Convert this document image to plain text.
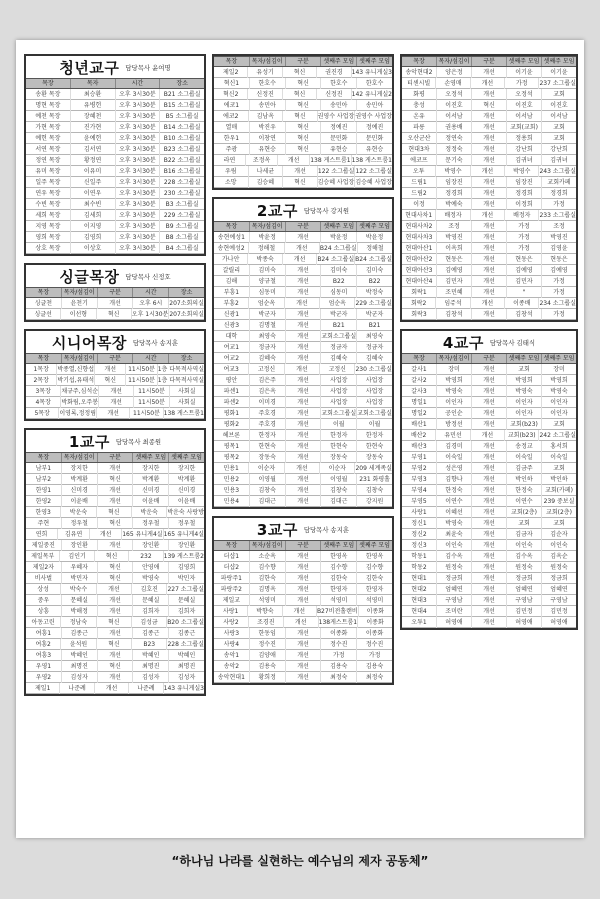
청년교구 담당목사 윤여명
목장	목자	시간	장소
송환 목장	최승환	오후 3시30분	B21 소그룹실
명현 목장	유병헌	오후 3시30분	B15 소그룹실
예천 목장	장혜천	오후 3시30분	B5 소그룹실
가현 목장	진가현	오후 3시30분	B14 소그룹실
예헌 목장	윤예헌	오후 3시30분	B10 소그룹실
서연 목장	김서연	오후 3시30분	B23 소그룹실
정연 목장	황정연	오후 3시30분	B22 소그룹실
유미 목장	이유미	오후 3시30분	B16 소그룹실
일주 목장	신일주	오후 3시30분	228 소그룹실
연우 목장	이연우	오후 3시30분	230 소그룹실
수빈 목장	최수빈	오후 3시30분	B3 소그룹실
세희 목장	김세희	오후 3시30분	229 소그룹실
지영 목장	이지영	오후 3시30분	B9 소그룹실
영희 목장	김영희	오후 3시30분	B8 소그룹실
상호 목장	이상호	오후 3시30분	B4 소그룹실
싱글목장 담당목사 신정호
목장	목자/섬김이	구분	시간	장소
싱글천	윤천기	개선	오후 6시	207소회의실
싱글선	이선형	혁신	오후 1시30분 207소회의실
시니어목장 담당목사 송지훈
목장	목자/섬김이	구분	시간	장소
1목장	박종열,신향섭	개선	11시50분 1층 다목적사역실
2목장	박기섭,유태석	혁신	11시50분 1층 다목적사역실
3목장	채규주,심석순	개선	11시50분	사회실
4목장	박화림,오주봉	개선	11시50분	사회실
5목장	이영록,정정림	개선	11시50분 138 게스트룸1
1교구 담당목사 최종원
목장	목자/섬김이	구분	셋째주 모임 셋째주 모임
남부1	장지한	개선	장지한	장지한
남부2	박계환	혁신	박계환	박계환
한영1	신미경	개선	신미경	신미경
한영2	이윤배	개선	이윤배	이윤배
한영3	박운숙	혁신	박운숙	박운숙 사랑방
주현	정우철	혁신	정우철	정우철
연희	김유연	개선	165 유니게4실 165 유니게4실
제일중진	장인환	개선	장인환	장인환
제일목부	김인기	혁신	232	139 게스트룸2
제일2자	우혜자	혁신	안영애	김영희
비사벌	박민자	혁신	박영숙	박민자
상성	박숙수	개선	김호진	227 소그룹실
중우	문혜실	개선	문혜실	문혜실
상흥	박해정	개선	김희자	김희자
아동고린	정남숙	혁신	김성금	B20 소그룹실
여흥1	김종근	개선	김종근	김종근
여흥2	윤석원	혁신	B23	228 소그룹실
여흥3	박혜인	개선	박혜인	박혜인
우영1	최명진	혁신	최명진	최명진
우영2	김성자	개선	김성자	김성자
제일1	나준례	개선	나준례	143 유니게실3
목장	목자/섬김이	구분	셋째주 모임 셋째주 모임
제일2	유성기	혁신	권진경	143 유니게실3
혁신1	한호수	혁신	한호수	한호수
혁신2	신정진	혁신	신정진	142 유니게실2
에코1	송민아	혁신	송민아	송민아
에코2	김남옥	혁신	권영수 사업장 권영수 사업장
열매	박진우	혁신	정예진	정예진
한우1	이창연	혁신	문민화	문민화
주광	유현승	혁신	유현승	유현승
라연	조정옥	개선	138 게스트룸1 138 게스트룸1
우림	나세균	개선	122 소그룹실 122 소그룹실
소망	김승혜	혁신	김승혜 사업장 김승혜 사업장
2교구 담당목사 강지원
목장	목자/섬김이	구분	셋째주 모임 셋째주 모임
송현예성1	박윤정	개선	박윤정	박윤정
송현예성2	정해철	개선	B24 소그룹실	정해철
가나안	박종숙	개선	B24 소그룹실 B24 소그룹실
갈릴리	김미숙	개선	김미숙	김미숙
김해	양규철	개선	B22	B22
부흥1	심동미	개선	심동미	박정숙
부흥2	엄순옥	개선	엄순옥	229 소그룹실
신광1	박군자	개선	박군자	박군자
신광3	김명철	개선	B21	B21
대학	최영숙	개선	교회소그룹실	최영숙
여교1	정금자	개선	정금자	정금자
여교2	김혜숙	개선	김혜숙	김혜숙
여교3	고정신	개선	고정신	230 소그룹실
평안	김은주	개선	사업장	사업장
파센1	김은옥	개선	사업장	사업장
파센2	이미경	개선	사업장	사업장
평화1	주호경	개선	교회소그룹실 교회소그룹실
평화2	주호경	개선	이월	이월
헤브론	한정자	개선	한정자	한정자
평목1	한현숙	개선	한현숙	한현숙
평목2	장동숙	개선	장동숙	장동숙
민용1	이순자	개선	이순자	209 세계족실
민용2	이영월	개선	이영월	231 화평홀
민용3	김창숙	개선	김창숙	김창숙
민용4	김대근	개선	김대근	강지원
3교구 담당목사 송지훈
목장	목자/섬김이	구분	셋째주 모임 셋째주 모임
더샵1	소순옥	개선	한영옥	한영옥
더샵2	김수향	개선	김수향	김수향
파랑주1	김한숙	개선	김한숙	김한숙
파랑주2	김명옥	개선	한영자	한영자
제일교	석영미	개선	석영미	석영미
사랑1	박향숙	개선	B27비전홀랜비	이종화
사랑2	조경진	개선	138게스트룸1	이종화
사랑3	한동임	개선	이종화	이종화
사랑4	정수진	개선	정수진	정수진
송악1	김양애	개선	가정	가정
송악2	김용숙	개선	김용숙	김용숙
송악현대1	황희정	개선	최정숙	최정숙
목장	목자/섬김이	구분	셋째주 모임 셋째주 모임
송악현대2	양은정	개선	이기윤	이기윤
티센시빌	손영매	개선	가정	237 소그룹실
화평	오정석	개선	오정석	교회
충성	이진호	혁신	이진호	이진호
온유	이서남	개선	이서남	이서남
파릉	권용배	개선	교회(교회)	교회
오산군산	정연숙	개선	정용희	교회
현대3차	정정숙	개선	강난희	강난희
에코프	문기숙	개선	김귀녀	김귀녀
오투	박영수	개선	박영수	243 소그룹실
드림1	임장진	개선	임장진	교회카페
드림2	정경희	개선	정경희	정경희
이정	박예숙	개선	이정희	가정
현대사차1	배정자	개선	배정자	233 소그룹실
현대사차2	조정	개선	가정	조정
현대사차3	박영진	개선	가정	박영진
현대아산1	이옥희	개선	가정	김영윤
현대아산2	현동은	개선	현동은	현동은
현대아산3	김예영	개선	김예영	김예영
현대아산4	김민자	개선	김민자	가정
회락1	조민혜	개선	"	가정
회락2	임쥬석	개선	이종배	234 소그룹실
회락3	김창석	개선	김창석	가정
4교구 담당목사 김태식
목장	목자/섬김이	구분	셋째주 모임 셋째주 모임
갈사1	장미	개선	교회	장미
갈사2	박영희	개선	박영희	박영희
갈사3	박영숙	개선	박영숙	박영숙
명일1	이인자	개선	이인자	이인자
명일2	공인순	개선	이인자	이인자
배산1	방정선	개선	교회(b23)	교회
배산2	유민선	개선	교회(b23) 242 소그룹실
배산3	김경미	개선	송정교	홍서희
부영1	이숙일	개선	이숙일	이숙일
부영2	성은영	개선	김금주	교회
부영3	김향나	개선	박인하	박인하
부영4	한정숙	개선	한정숙	교회(카페)
부영5	이연수	개선	이연수	239 중보실
사랑1	이혜선	개선	교회(2층)	교회(2층)
정신1	박영숙	개선	교회	교회
정신2	최윤숙	개선	김금자	김순자
정신3	이인숙	개선	이인숙	이인숙
학동1	김수옥	개선	김수옥	김옥순
학동2	원정숙	개선	원정숙	원정숙
현대1	정금희	개선	정금희	정금희
현대2	엄혜연	개선	엄혜연	엄혜연
현대3	구영남	개선	구영남	구영남
현대4	조미란	개선	김민정	김민정
오투1	허영애	개선	허영애	허영애
“하나님 나라를 실현하는 예수님의 제자 공동체”
